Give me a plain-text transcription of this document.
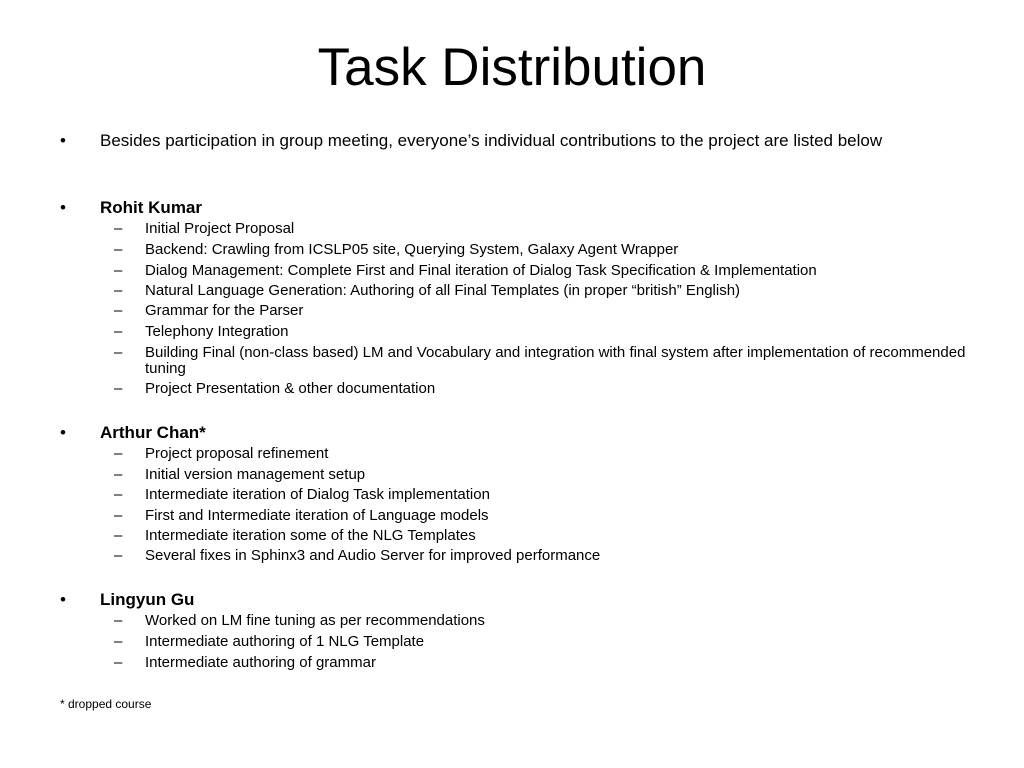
Task Distribution
• Besides participation in group meeting, everyone’s individual contributions to the project are listed below
• Rohit Kumar
– Initial Project Proposal
– Backend: Crawling from ICSLP05 site, Querying System, Galaxy Agent Wrapper
– Dialog Management: Complete First and Final iteration of Dialog Task Specification & Implementation
– Natural Language Generation: Authoring of all Final Templates (in proper “british” English)
– Grammar for the Parser
– Telephony Integration
– Building Final (non-class based) LM and Vocabulary and integration with final system after implementation of recommended tuning
– Project Presentation & other documentation
• Arthur Chan*
– Project proposal refinement
– Initial version management setup
– Intermediate iteration of Dialog Task implementation
– First and Intermediate iteration of Language models
– Intermediate iteration some of the NLG Templates
– Several fixes in Sphinx3 and Audio Server for improved performance
• Lingyun Gu
– Worked on LM fine tuning as per recommendations
– Intermediate authoring of 1 NLG Template
– Intermediate authoring of grammar
* dropped course
